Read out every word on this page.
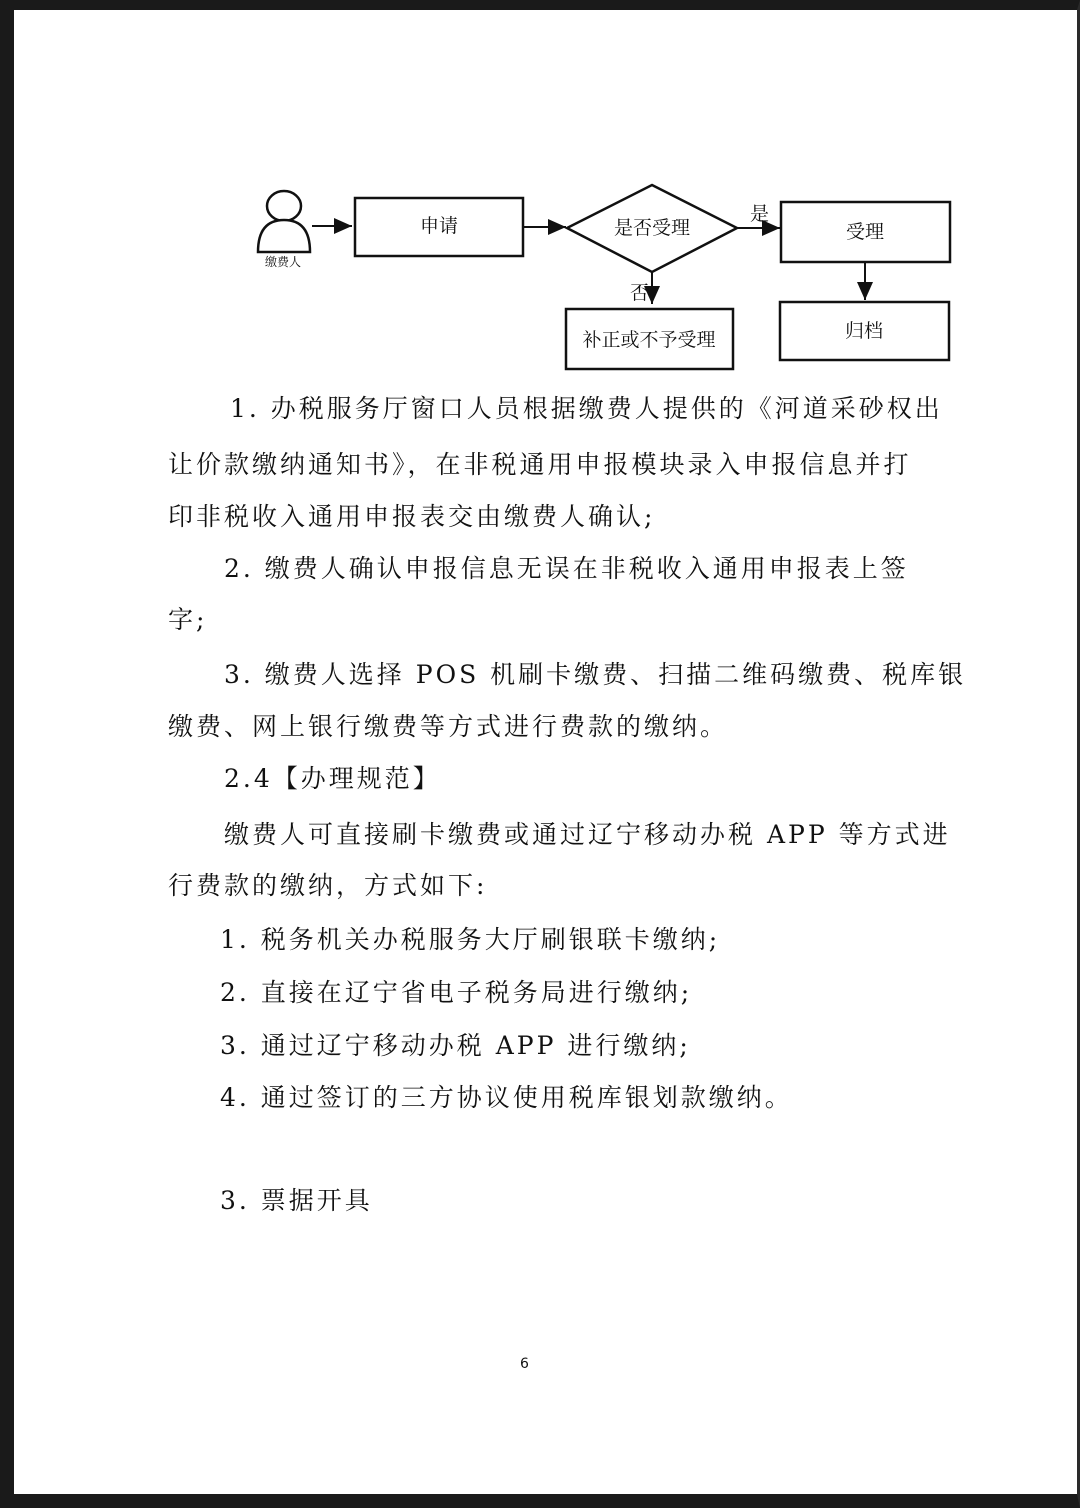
缴费人
申请	是否受理
是
否
受理
补正或不予受理	归档
1. 办税服务厅窗口人员根据缴费人提供的《河道采砂权出
让价款缴纳通知书》，在非税通用申报模块录入申报信息并打
印非税收入通用申报表交由缴费人确认;
2. 缴费人确认申报信息无误在非税收入通用申报表上签
字;
3. 缴费人选择 POS 机刷卡缴费、扫描二维码缴费、税库银
缴费、网上银行缴费等方式进行费款的缴纳。
2.4【办理规范】
缴费人可直接刷卡缴费或通过辽宁移动办税 APP 等方式进
行费款的缴纳，方式如下:
1. 税务机关办税服务大厅刷银联卡缴纳;
2. 直接在辽宁省电子税务局进行缴纳;
3. 通过辽宁移动办税 APP 进行缴纳;
4. 通过签订的三方协议使用税库银划款缴纳。
3. 票据开具
6
